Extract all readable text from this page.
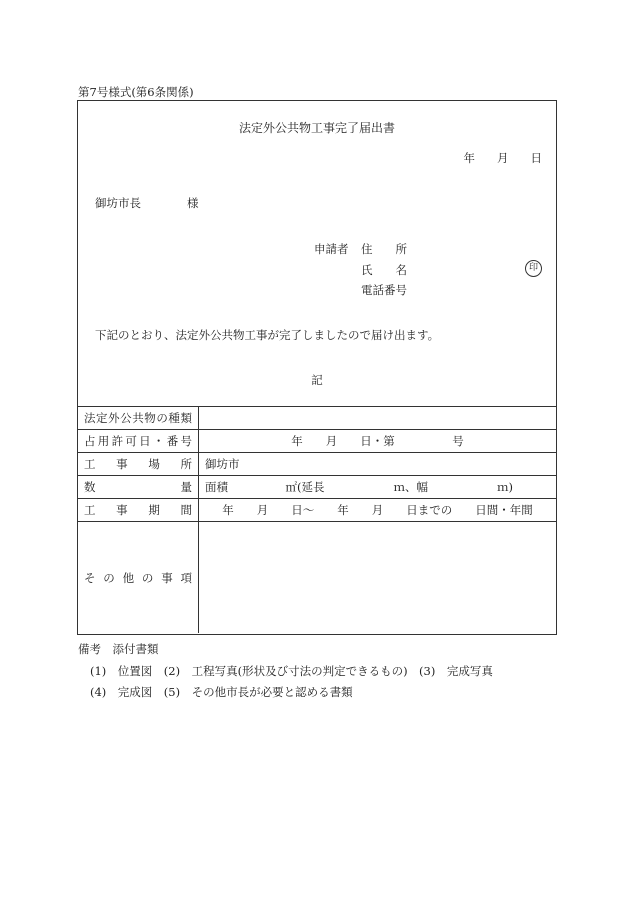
第7号様式(第6条関係)
法定外公共物工事完了届出書
年 月 日
御坊市長	様
申請者 住　　所
氏　　名	印
電話番号
下記のとおり、法定外公共物工事が完了しましたので届け出ます。
記
法定外公共物の種類	
占用許可日・番号	年　　月　　日・第　　　　　号
工事場所	御坊市
数量	面積　　　　　㎡(延長　　　　　　ｍ、幅　　　　　　ｍ)
工事期間	年　　月　　日～　　年　　月　　日までの　　日間・年間
その他の事項	
備考　添付書類
(1)　位置図　(2)　工程写真(形状及び寸法の判定できるもの)　(3)　完成写真
(4)　完成図　(5)　その他市長が必要と認める書類
